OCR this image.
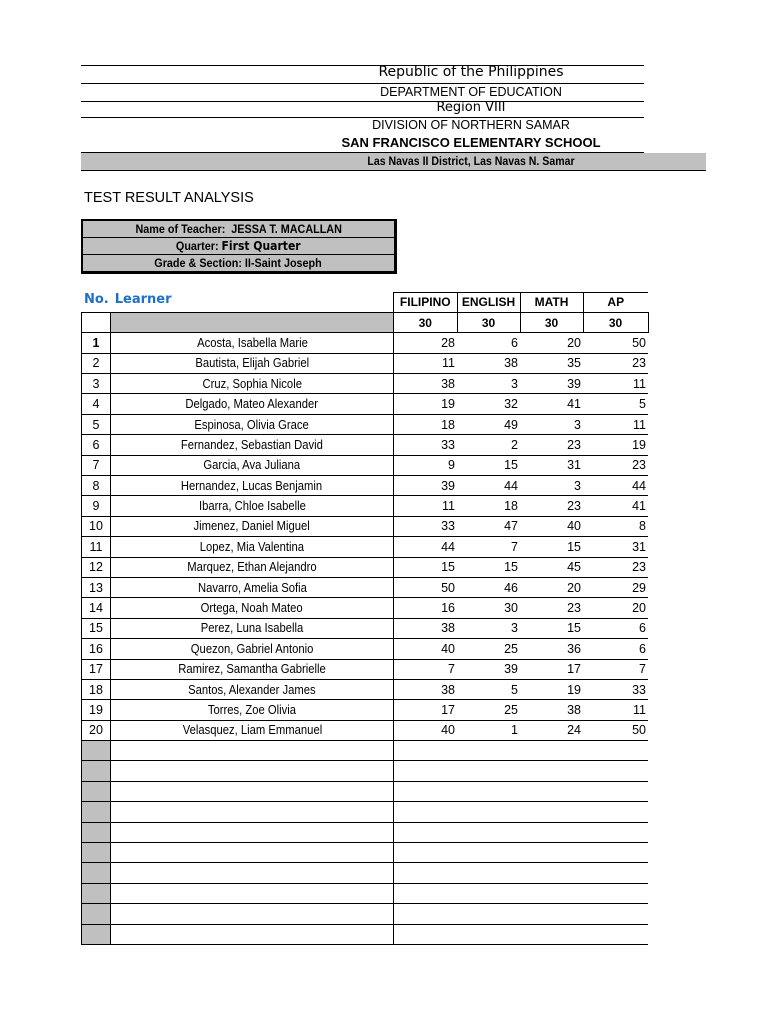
Republic of the Philippines
DEPARTMENT OF EDUCATION
Region VIII
DIVISION OF NORTHERN SAMAR
SAN FRANCISCO ELEMENTARY SCHOOL
Las Navas II District, Las Navas N. Samar
TEST RESULT ANALYSIS
Name of Teacher: JESSA T. MACALLAN
Quarter: First Quarter
Grade & Section: II-Saint Joseph
No. Learner
		FILIPINO	ENGLISH	MATH	AP
		30	30	30	30
1	Acosta, Isabella Marie	28	6	20	50
2	Bautista, Elijah Gabriel	11	38	35	23
3	Cruz, Sophia Nicole	38	3	39	11
4	Delgado, Mateo Alexander	19	32	41	5
5	Espinosa, Olivia Grace	18	49	3	11
6	Fernandez, Sebastian David	33	2	23	19
7	Garcia, Ava Juliana	9	15	31	23
8	Hernandez, Lucas Benjamin	39	44	3	44
9	Ibarra, Chloe Isabelle	11	18	23	41
10	Jimenez, Daniel Miguel	33	47	40	8
11	Lopez, Mia Valentina	44	7	15	31
12	Marquez, Ethan Alejandro	15	15	45	23
13	Navarro, Amelia Sofia	50	46	20	29
14	Ortega, Noah Mateo	16	30	23	20
15	Perez, Luna Isabella	38	3	15	6
16	Quezon, Gabriel Antonio	40	25	36	6
17	Ramirez, Samantha Gabrielle	7	39	17	7
18	Santos, Alexander James	38	5	19	33
19	Torres, Zoe Olivia	17	25	38	11
20	Velasquez, Liam Emmanuel	40	1	24	50
